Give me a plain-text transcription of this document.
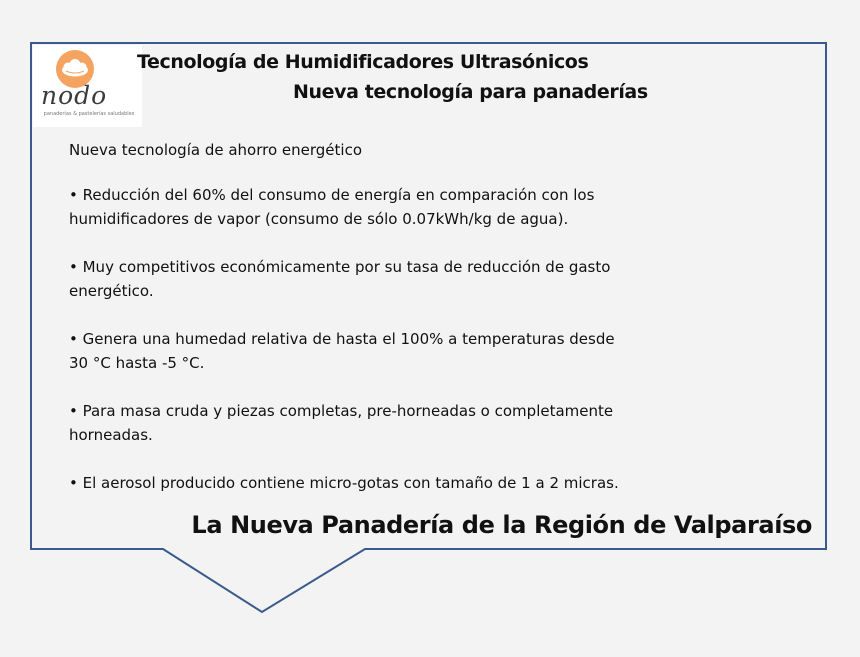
nodo
panaderías & pastelerías saludables
Tecnología de Humidificadores Ultrasónicos
Nueva tecnología para panaderías
Nueva tecnología de ahorro energético
• Reducción del 60% del consumo de energía en comparación con los
humidificadores de vapor (consumo de sólo 0.07kWh/kg de agua).
• Muy competitivos económicamente por su tasa de reducción de gasto
energético.
• Genera una humedad relativa de hasta el 100% a temperaturas desde
30 °C hasta -5 °C.
• Para masa cruda y piezas completas, pre-horneadas o completamente
horneadas.
• El aerosol producido contiene micro-gotas con tamaño de 1 a 2 micras.
La Nueva Panadería de la Región de Valparaíso
